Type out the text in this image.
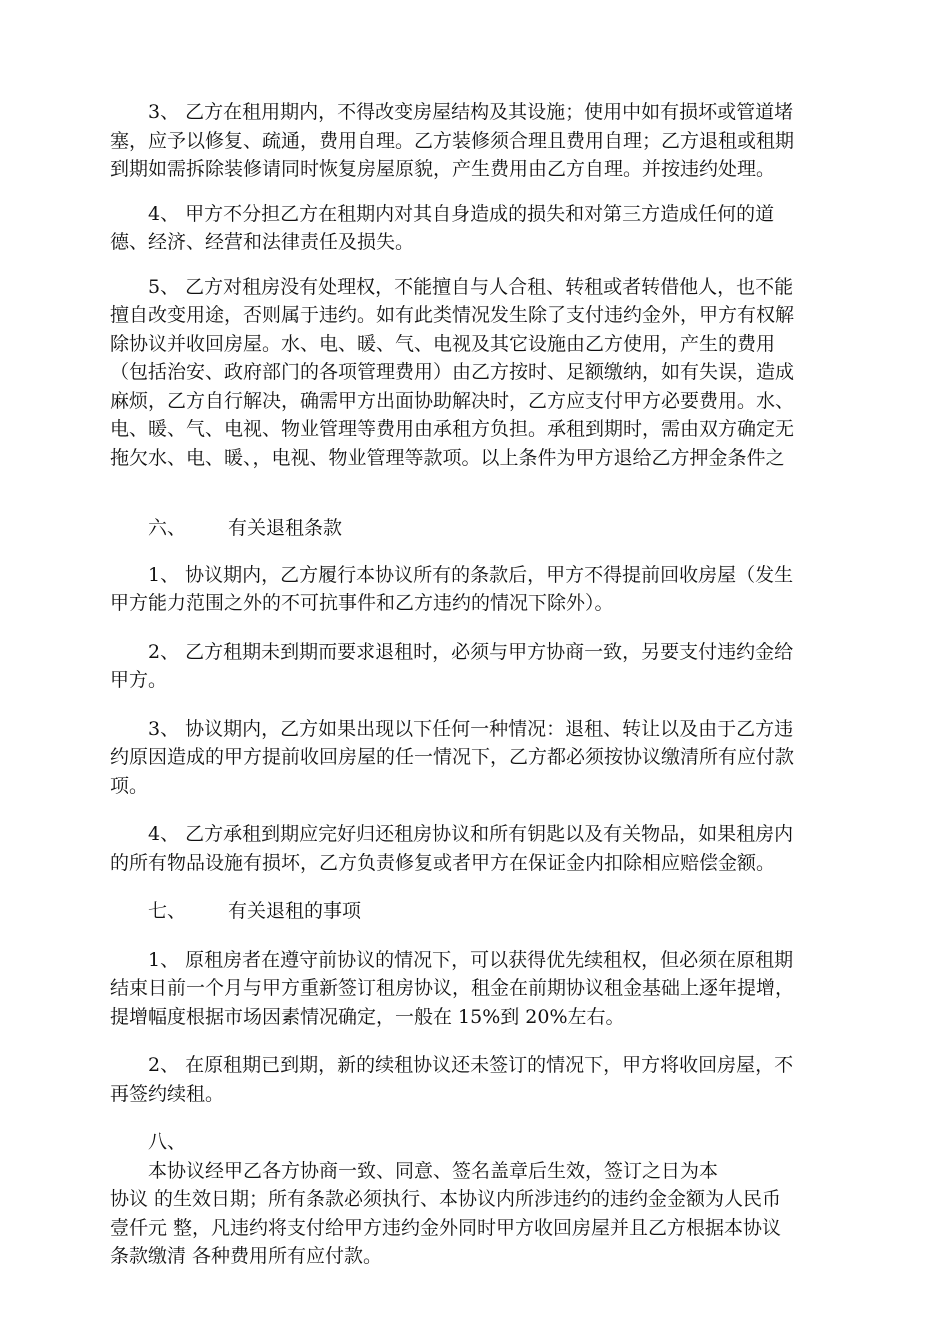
3、 乙方在租用期内，不得改变房屋结构及其设施；使用中如有损坏或管道堵
塞，应予以修复、疏通，费用自理。乙方装修须合理且费用自理；乙方退租或租期
到期如需拆除装修请同时恢复房屋原貌，产生费用由乙方自理。并按违约处理。
4、 甲方不分担乙方在租期内对其自身造成的损失和对第三方造成任何的道
德、经济、经营和法律责任及损失。
5、 乙方对租房没有处理权，不能擅自与人合租、转租或者转借他人，也不能
擅自改变用途，否则属于违约。如有此类情况发生除了支付违约金外，甲方有权解
除协议并收回房屋。水、电、暖、气、电视及其它设施由乙方使用，产生的费用
（包括治安、政府部门的各项管理费用）由乙方按时、足额缴纳，如有失误，造成
麻烦，乙方自行解决，确需甲方出面协助解决时，乙方应支付甲方必要费用。水、
电、暖、气、电视、物业管理等费用由承租方负担。承租到期时，需由双方确定无
拖欠水、电、暖、，电视、物业管理等款项。以上条件为甲方退给乙方押金条件之
六、 有关退租条款
1、 协议期内，乙方履行本协议所有的条款后，甲方不得提前回收房屋（发生
甲方能力范围之外的不可抗事件和乙方违约的情况下除外）。
2、 乙方租期未到期而要求退租时，必须与甲方协商一致，另要支付违约金给
甲方。
3、 协议期内，乙方如果出现以下任何一种情况：退租、转让以及由于乙方违
约原因造成的甲方提前收回房屋的任一情况下，乙方都必须按协议缴清所有应付款
项。
4、 乙方承租到期应完好归还租房协议和所有钥匙以及有关物品，如果租房内
的所有物品设施有损坏，乙方负责修复或者甲方在保证金内扣除相应赔偿金额。
七、 有关退租的事项
1、 原租房者在遵守前协议的情况下，可以获得优先续租权，但必须在原租期
结束日前一个月与甲方重新签订租房协议，租金在前期协议租金基础上逐年提增，
提增幅度根据市场因素情况确定，一般在 15%到 20%左右。
2、 在原租期已到期，新的续租协议还未签订的情况下，甲方将收回房屋，不
再签约续租。
八、
本协议经甲乙各方协商一致、同意、签名盖章后生效，签订之日为本
协议 的生效日期；所有条款必须执行、本协议内所涉违约的违约金金额为人民币
壹仟元 整，凡违约将支付给甲方违约金外同时甲方收回房屋并且乙方根据本协议
条款缴清 各种费用所有应付款。
